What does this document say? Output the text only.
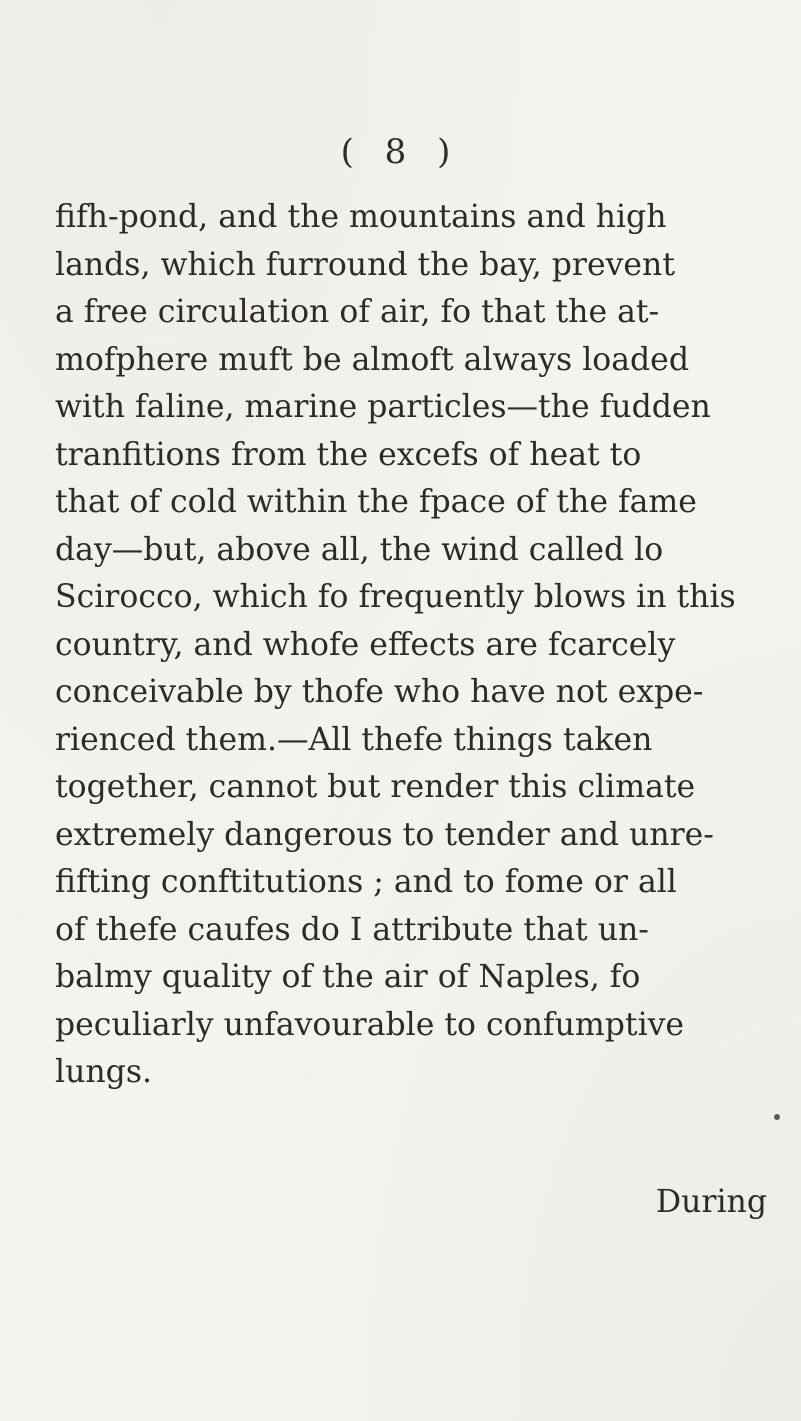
( 8 )
fifh-pond, and the mountains and high
lands, which furround the bay, prevent
a free circulation of air, fo that the at-
mofphere muft be almoft always loaded
with faline, marine particles—the fudden
tranfitions from the excefs of heat to
that of cold within the fpace of the fame
day—but, above all, the wind called lo
Scirocco, which fo frequently blows in this
country, and whofe effects are fcarcely
conceivable by thofe who have not expe-
rienced them.—All thefe things taken
together, cannot but render this climate
extremely dangerous to tender and unre-
fifting conftitutions ; and to fome or all
of thefe caufes do I attribute that un-
balmy quality of the air of Naples, fo
peculiarly unfavourable to confumptive
lungs.
During
